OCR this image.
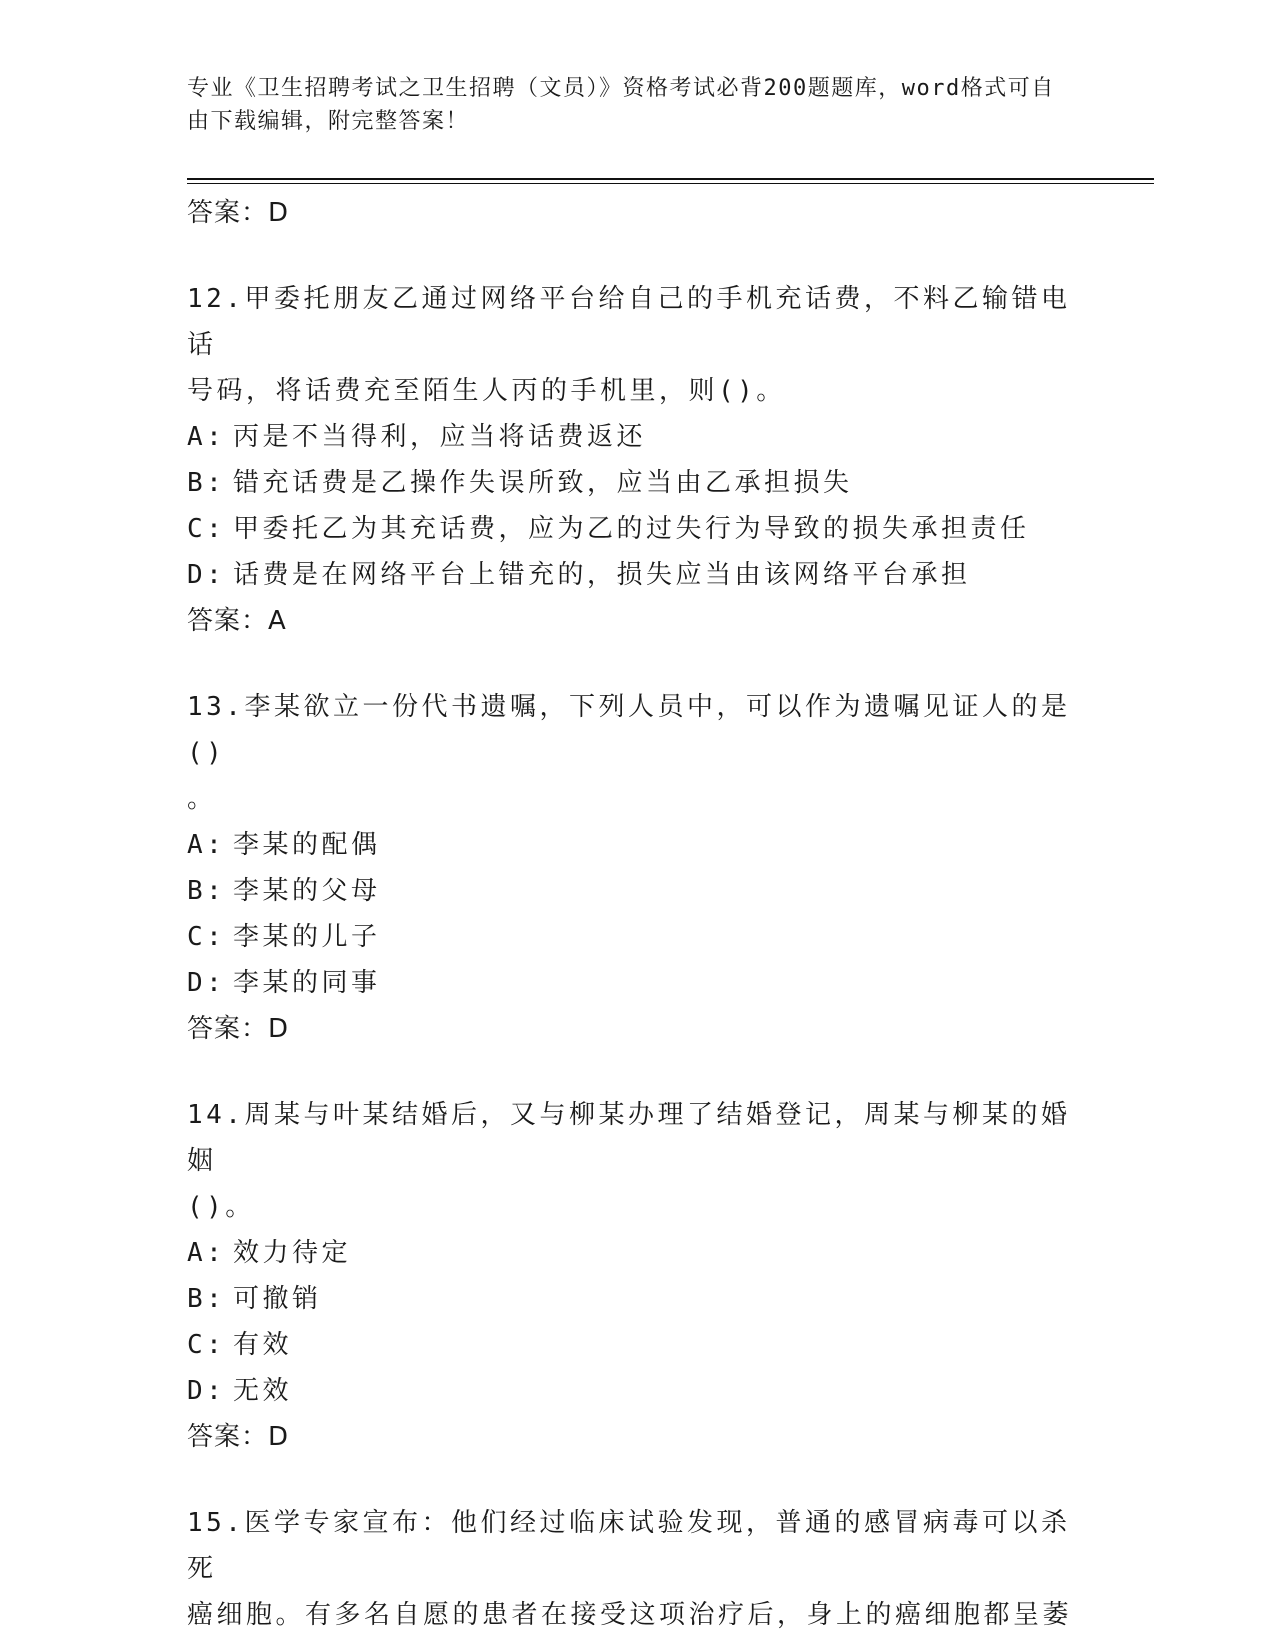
专业《卫生招聘考试之卫生招聘（文员）》资格考试必背200题题库，word格式可自由下载编辑，附完整答案！
答案：D

12.甲委托朋友乙通过网络平台给自己的手机充话费，不料乙输错电话

号码，将话费充至陌生人丙的手机里，则()。

A: 丙是不当得利，应当将话费返还

B: 错充话费是乙操作失误所致，应当由乙承担损失

C: 甲委托乙为其充话费，应为乙的过失行为导致的损失承担责任

D: 话费是在网络平台上错充的，损失应当由该网络平台承担

答案：A

13.李某欲立一份代书遗嘱，下列人员中，可以作为遗嘱见证人的是()

。

A: 李某的配偶

B: 李某的父母

C: 李某的儿子

D: 李某的同事

答案：D

14.周某与叶某结婚后，又与柳某办理了结婚登记，周某与柳某的婚姻

()。

A: 效力待定

B: 可撤销

C: 有效

D: 无效

答案：D

15.医学专家宣布：他们经过临床试验发现，普通的感冒病毒可以杀死

癌细胞。有多名自愿的患者在接受这项治疗后，身上的癌细胞都呈萎
